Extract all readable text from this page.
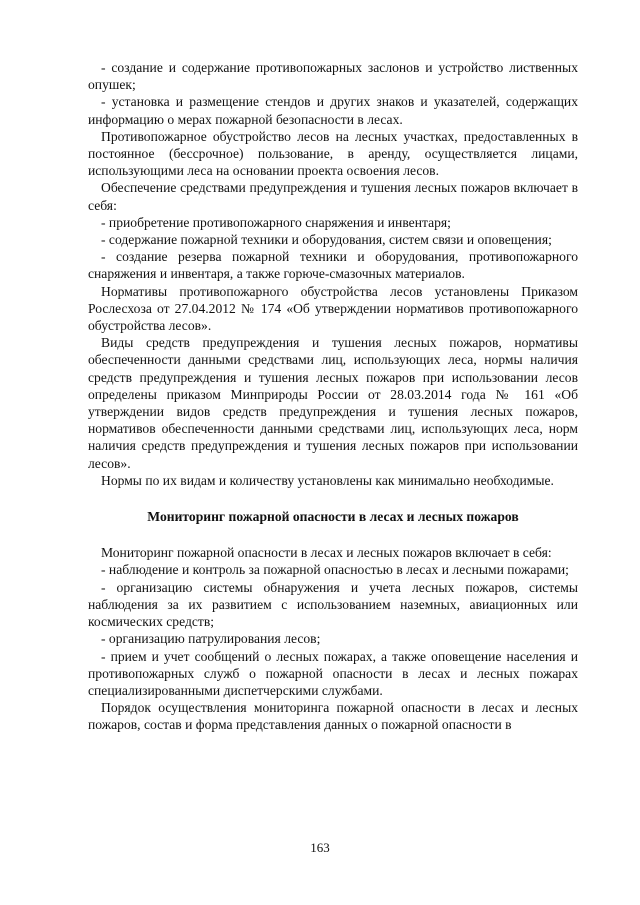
- создание и содержание противопожарных заслонов и устройство лиственных опушек;

- установка и размещение стендов и других знаков и указателей, содержащих информацию о мерах пожарной безопасности в лесах.

Противопожарное обустройство лесов на лесных участках, предоставленных в постоянное (бессрочное) пользование, в аренду, осуществляется лицами, использующими леса на основании проекта освоения лесов.

Обеспечение средствами предупреждения и тушения лесных пожаров включает в себя:

- приобретение противопожарного снаряжения и инвентаря;

- содержание пожарной техники и оборудования, систем связи и оповещения;

- создание резерва пожарной техники и оборудования, противопожарного снаряжения и инвентаря, а также горюче-смазочных материалов.

Нормативы противопожарного обустройства лесов установлены Приказом Рослесхоза от 27.04.2012 № 174 «Об утверждении нормативов противопожарного обустройства лесов».

Виды средств предупреждения и тушения лесных пожаров, нормативы обеспеченности данными средствами лиц, использующих леса, нормы наличия средств предупреждения и тушения лесных пожаров при использовании лесов определены приказом Минприроды России от 28.03.2014 года № 161 «Об утверждении видов средств предупреждения и тушения лесных пожаров, нормативов обеспеченности данными средствами лиц, использующих леса, норм наличия средств предупреждения и тушения лесных пожаров при использовании лесов».

Нормы по их видам и количеству установлены как минимально необходимые.

Мониторинг пожарной опасности в лесах и лесных пожаров

Мониторинг пожарной опасности в лесах и лесных пожаров включает в себя:

- наблюдение и контроль за пожарной опасностью в лесах и лесными пожарами;

- организацию системы обнаружения и учета лесных пожаров, системы наблюдения за их развитием с использованием наземных, авиационных или космических средств;

- организацию патрулирования лесов;

- прием и учет сообщений о лесных пожарах, а также оповещение населения и противопожарных служб о пожарной опасности в лесах и лесных пожарах специализированными диспетчерскими службами.

Порядок осуществления мониторинга пожарной опасности в лесах и лесных пожаров, состав и форма представления данных о пожарной опасности в

163
